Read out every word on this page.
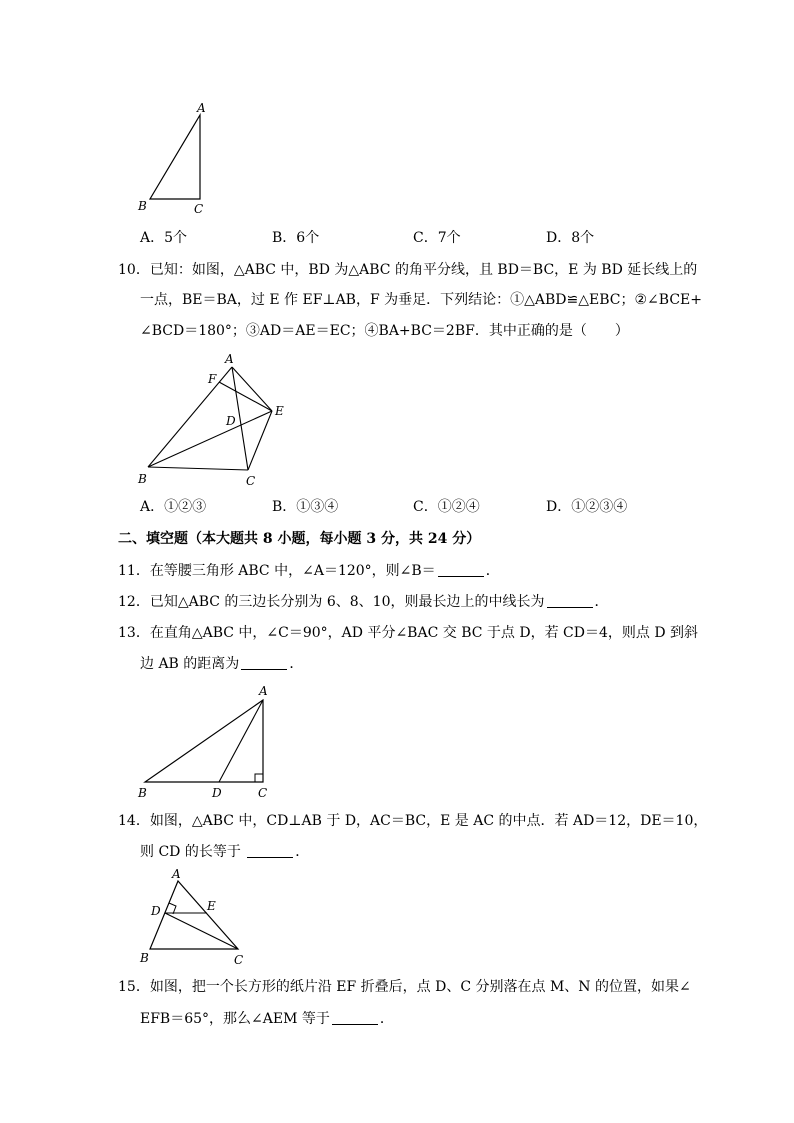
A
B	C
A．5个	B．6个	C．7个	D．8个
10．已知：如图，△ABC 中，BD 为△ABC 的角平分线，且 BD＝BC，E 为 BD 延长线上的
一点，BE＝BA，过 E 作 EF⊥AB，F 为垂足．下列结论：①△ABD≌△EBC；②∠BCE+
∠BCD＝180°；③AD＝AE＝EC；④BA+BC＝2BF．其中正确的是（　　）
A
F
E
D
B	C
A．①②③	B．①③④	C．①②④	D．①②③④
二、填空题（本大题共 8 小题，每小题 3 分，共 24 分）
11．在等腰三角形 ABC 中，∠A＝120°，则∠B＝	．
12．已知△ABC 的三边长分别为 6、8、10，则最长边上的中线长为	．
13．在直角△ABC 中，∠C＝90°，AD 平分∠BAC 交 BC 于点 D，若 CD＝4，则点 D 到斜
边 AB 的距离为	．
A
B	D	C
14．如图，△ABC 中，CD⊥AB 于 D，AC＝BC，E 是 AC 的中点．若 AD＝12，DE＝10，
则 CD 的长等于	．
A
D	E
B	C
15．如图，把一个长方形的纸片沿 EF 折叠后，点 D、C 分别落在点 M、N 的位置，如果∠
EFB＝65°，那么∠AEM 等于	．
